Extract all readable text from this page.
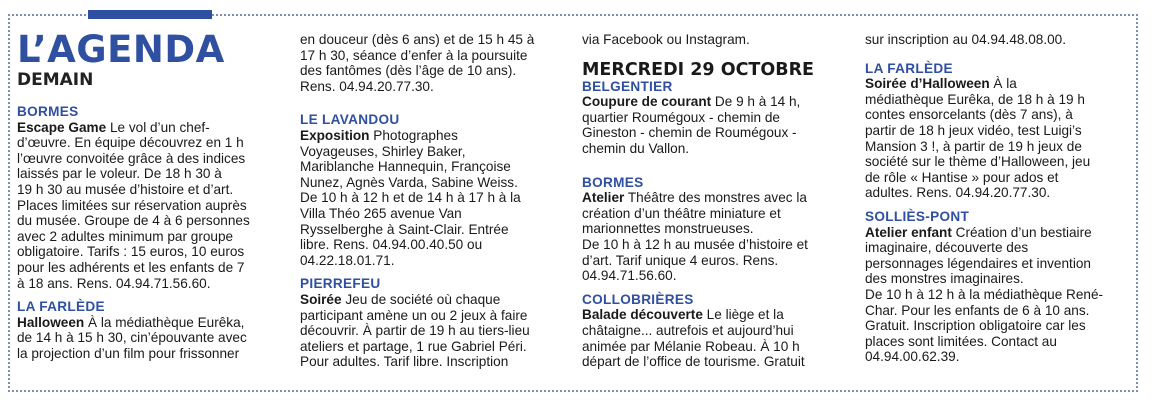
L’AGENDA

DEMAIN

BORMES
Escape Game Le vol d’un chef-
d’œuvre. En équipe découvrez en 1 h
l’œuvre convoitée grâce à des indices
laissés par le voleur. De 18 h 30 à
19 h 30 au musée d’histoire et d’art.
Places limitées sur réservation auprès
du musée. Groupe de 4 à 6 personnes
avec 2 adultes minimum par groupe
obligatoire. Tarifs : 15 euros, 10 euros
pour les adhérents et les enfants de 7
à 18 ans. Rens. 04.94.71.56.60.
LA FARLÈDE
Halloween À la médiathèque Eurêka,
de 14 h à 15 h 30, cin’épouvante avec
la projection d’un film pour frissonner
en douceur (dès 6 ans) et de 15 h 45 à
17 h 30, séance d’enfer à la poursuite
des fantômes (dès l’âge de 10 ans).
Rens. 04.94.20.77.30.
LE LAVANDOU
Exposition Photographes
Voyageuses, Shirley Baker,
Mariblanche Hannequin, Françoise
Nunez, Agnès Varda, Sabine Weiss.
De 10 h à 12 h et de 14 h à 17 h à la
Villa Théo 265 avenue Van
Rysselberghe à Saint-Clair. Entrée
libre. Rens. 04.94.00.40.50 ou
04.22.18.01.71.
PIERREFEU
Soirée Jeu de société où chaque
participant amène un ou 2 jeux à faire
découvrir. À partir de 19 h au tiers-lieu
ateliers et partage, 1 rue Gabriel Péri.
Pour adultes. Tarif libre. Inscription
via Facebook ou Instagram.

MERCREDI 29 OCTOBRE

BELGENTIER
Coupure de courant De 9 h à 14 h,
quartier Roumégoux - chemin de
Gineston - chemin de Roumégoux -
chemin du Vallon.
BORMES
Atelier Théâtre des monstres avec la
création d’un théâtre miniature et
marionnettes monstrueuses.
De 10 h à 12 h au musée d’histoire et
d’art. Tarif unique 4 euros. Rens.
04.94.71.56.60.
COLLOBRIÈRES
Balade découverte Le liège et la
châtaigne... autrefois et aujourd’hui
animée par Mélanie Robeau. À 10 h
départ de l’office de tourisme. Gratuit
sur inscription au 04.94.48.08.00.
LA FARLÈDE
Soirée d’Halloween À la
médiathèque Eurêka, de 18 h à 19 h
contes ensorcelants (dès 7 ans), à
partir de 18 h jeux vidéo, test Luigi’s
Mansion 3 !, à partir de 19 h jeux de
société sur le thème d’Halloween, jeu
de rôle « Hantise » pour ados et
adultes. Rens. 04.94.20.77.30.
SOLLIÈS-PONT
Atelier enfant Création d’un bestiaire
imaginaire, découverte des
personnages légendaires et invention
des monstres imaginaires.
De 10 h à 12 h à la médiathèque René-
Char. Pour les enfants de 6 à 10 ans.
Gratuit. Inscription obligatoire car les
places sont limitées. Contact au
04.94.00.62.39.
